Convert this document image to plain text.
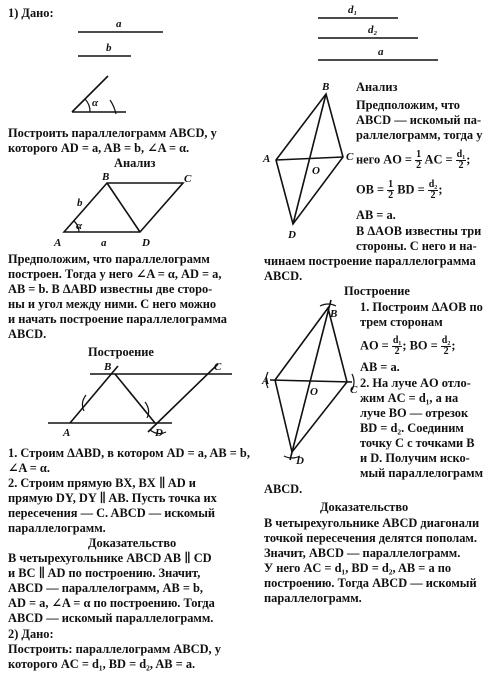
1) Дано:
a
b
α
A
B	C
D
b
a
α
A
B	C
D
d₁
d₂
a
A
B
C
D
O
A
B
C
D
O
Построить параллелограмм ABCD, у
которого AD = a, AB = b, ∠A = α.
Анализ
Предположим, что параллелограмм
построен. Тогда у него ∠A = α, AD = a,
AB = b. В ΔABD известны две сторо-
ны и угол между ними. С него можно
и начать построение параллелограмма
ABCD.
Построение
1. Строим ΔABD, в котором AD = a, AB = b,
∠A = α.
2. Строим прямую BX, BX ∥ AD и
прямую DY, DY ∥ AB. Пусть точка их
пересечения — C. ABCD — искомый
параллелограмм.
Доказательство
В четырехугольнике ABCD AB ∥ CD
и BC ∥ AD по построению. Значит,
ABCD — параллелограмм, AB = b,
AD = a, ∠A = α по построению. Тогда
ABCD — искомый параллелограмм.
2) Дано:
Построить: параллелограмм ABCD, у
которого AC = d₁, BD = d₂, AB = a.
Анализ
Предположим, что
ABCD — искомый па-
раллелограмм, тогда у
него AO = $\frac{1}{2}$ AC = $\frac{\text{d₁}}{2}$ ;
OB = $\frac{1}{2}$ BD = $\frac{\text{d₂}}{2}$ ;
AB = a.
В ΔAOB известны три
стороны. С него и на-
чинаем построение параллелограмма
ABCD.
Построение
1. Построим ΔAOB по
трем сторонам
AO = $\frac{\text{d₁}}{2}$ ; BO = $\frac{\text{d₂}}{2}$ ;
AB = a.
2. На луче AO отло-
жим AC = d₁, а на
луче BO — отрезок
BD = d₂. Соединим
точку C с точками B
и D. Получим иско-
мый параллелограмм
ABCD.
Доказательство
В четырехугольнике ABCD диагонали
точкой пересечения делятся пополам.
Значит, ABCD — параллелограмм.
У него AC = d₁, BD = d₂, AB = a по
построению. Тогда ABCD — искомый
параллелограмм.
